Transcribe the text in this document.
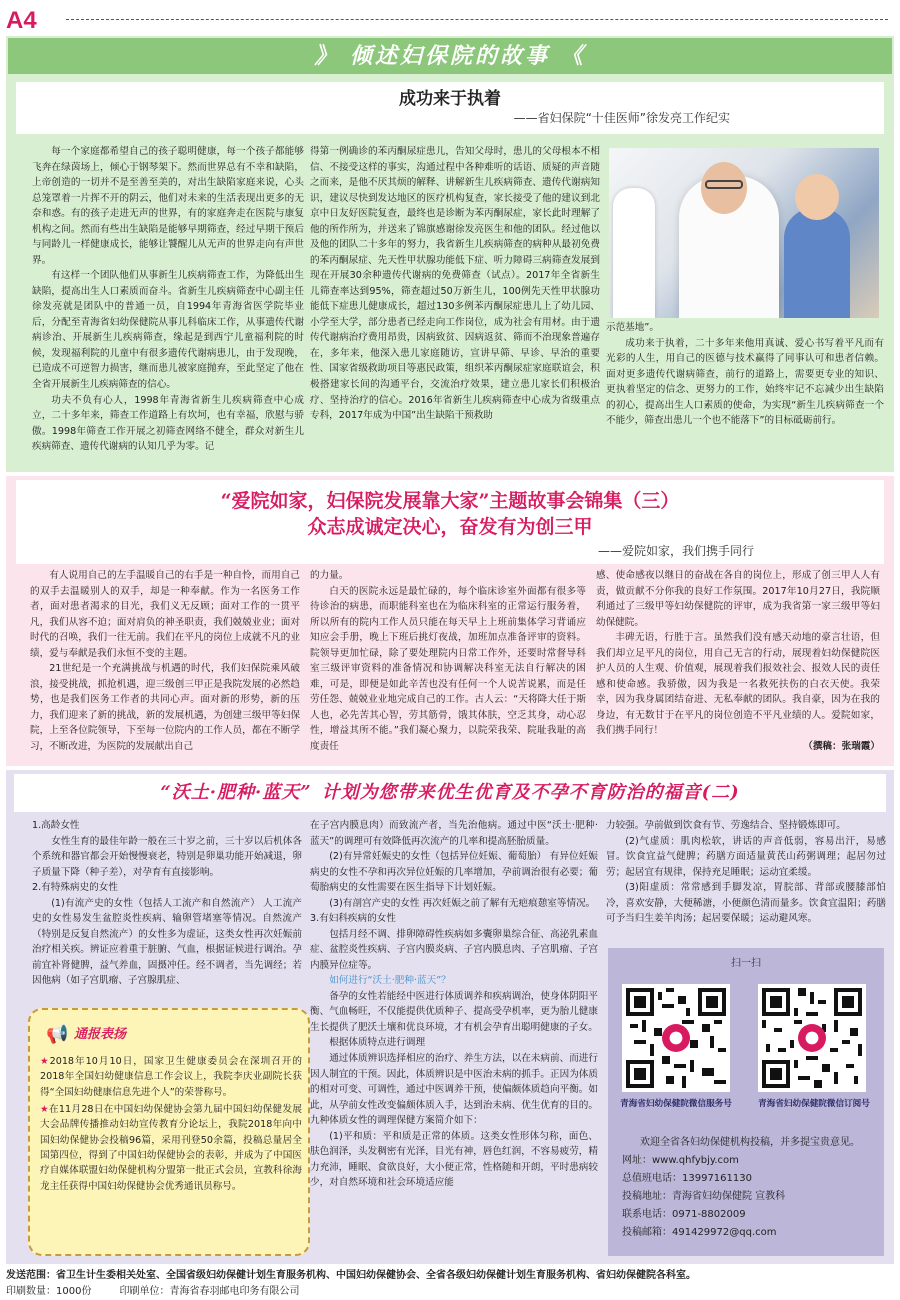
A4
》 倾述妇保院的故事 《
成功来于执着
——省妇保院“十佳医师”徐发亮工作纪实

每一个家庭都希望自己的孩子聪明健康，每一个孩子都能够飞奔在绿茵场上，倾心于钢琴架下。然而世界总有不幸和缺陷，上帝创造的一切并不是至善至美的，对出生缺陷家庭来说，心头总笼罩着一片挥不开的阴云，他们对未来的生活表现出更多的无奈和惑。有的孩子走进无声的世界，有的家庭奔走在医院与康复机构之间。然而有些出生缺陷是能够早期筛查，经过早期干预后与同龄儿一样健康成长，能够让饕醒儿从无声的世界走向有声世界。

有这样一个团队他们从事新生儿疾病筛查工作，为降低出生缺陷，提高出生人口素质而奋斗。省新生儿疾病筛查中心副主任徐发亮就是团队中的普通一员，自1994年青海省医学院毕业后，分配至青海省妇幼保健院从事儿科临床工作，从事遗传代谢病诊治、开展新生儿疾病筛查，缘起是到西宁儿童福利院的时候，发现福利院的儿童中有很多遗传代谢病患儿，由于发现晚，已造成不可逆智力损害，继而患儿被家庭抛弃，至此坚定了他在全省开展新生儿疾病筛查的信心。

功夫不负有心人，1998年青海省新生儿疾病筛查中心成立，二十多年来，筛查工作道路上有坎坷，也有幸福，欣慰与骄傲。1998年筛查工作开展之初筛查网络不健全，群众对新生儿疾病筛查、遗传代谢病的认知几乎为零。记

得第一例确诊的苯丙酮尿症患儿，告知父母时，患儿的父母根本不相信、不接受这样的事实，沟通过程中各种难听的话语、质疑的声音随之而来，是他不厌其烦的解释、讲解新生儿疾病筛查、遗传代谢病知识，建议尽快到发达地区的医疗机构复查，家长接受了他的建议到北京中日友好医院复查，最终也是诊断为苯丙酮尿症，家长此时理解了他的所作所为，并送来了锦旗感谢徐发亮医生和他的团队。经过他以及他的团队二十多年的努力，我省新生儿疾病筛查的病种从最初免费的苯丙酮尿症、先天性甲状腺功能低下症、听力障碍三病筛查发展到现在开展30余种遗传代谢病的免费筛查（试点）。2017年全省新生儿筛查率达到95%，筛查超过50万新生儿，100例先天性甲状腺功能低下症患儿健康成长，超过130多例苯丙酮尿症患儿上了幼儿园、小学至大学，部分患者已经走向工作岗位，成为社会有用材。由于遗传代谢病治疗费用昂贵，因病致贫、因病返贫、筛而不治现象普遍存在，多年来，他深入患儿家庭随访，宣讲早筛、早诊、早治的重要性、国家省级救助项目等惠民政策，组织苯丙酮尿症家庭联谊会，积极搭建家长间的沟通平台，交流治疗效果，建立患儿家长们积极治疗、坚持治疗的信心。2016年省新生儿疾病筛查中心成为省级重点专科，2017年成为中国”出生缺陷干预救助

示范基地”。

成功来于执着，二十多年来他用真诚、爱心书写着平凡而有光彩的人生，用自己的医德与技术赢得了同事认可和患者信赖。面对更多遗传代谢病筛查，前行的道路上，需要更专业的知识、更执着坚定的信念、更努力的工作，始终牢记不忘减少出生缺陷的初心，提高出生人口素质的使命，为实现“新生儿疾病筛查一个不能少，筛查出患儿一个也不能落下”的目标砥砺前行。

“爱院如家，妇保院发展靠大家”主题故事会锦集（三）
众志成诚定决心，奋发有为创三甲
——爱院如家，我们携手同行

有人说用自己的左手温暖自己的右手是一种自怜，而用自己的双手去温暖别人的双手，却是一种奉献。作为一名医务工作者，面对患者渴求的目光，我们义无反顾；面对工作的一贯平凡，我们从容不迫；面对肩负的神圣职责，我们兢兢业业；面对时代的召唤，我们一往无前。我们在平凡的岗位上成就不凡的业绩，爱与奉献是我们永恒不变的主题。

21世纪是一个充满挑战与机遇的时代，我们妇保院乘风破浪，接受挑战，抓抢机遇，迎三级创三甲正是我院发展的必然趋势，也是我们医务工作者的共同心声。面对新的形势，新的压力，我们迎来了新的挑战，新的发展机遇，为创建三级甲等妇保院，上至各位院领导，下至每一位院内的工作人员，都在不断学习，不断改进，为医院的发展献出自己

的力量。

白天的医院永远是最忙碌的，每个临床诊室外面都有很多等待诊治的病患，而职能科室也在为临床科室的正常运行服务着，所以所有的院内工作人员只能在每天早上上班前集体学习背诵应知应会手册，晚上下班后挑灯夜战，加班加点准备评审的资料。院领导更加忙碌，除了要处理院内日常工作外，还要时常督导科室三级评审资料的准备情况和协调解决科室无法自行解决的困难，可是，即便是如此辛苦也没有任何一个人说苦说累，而是任劳任怨、兢兢业业地完成自己的工作。古人云：“天将降大任于斯人也，必先苦其心智，劳其筋骨，饿其体肤，空乏其身，动心忍性，增益其所不能。”我们凝心聚力，以院荣我荣、院耻我耻的高度责任

感、使命感夜以继日的奋战在各自的岗位上，形成了创三甲人人有责，做贡献不分你我的良好工作氛围。2017年10月27日，我院顺利通过了三级甲等妇幼保健院的评审，成为我省第一家三级甲等妇幼保健院。

丰碑无语，行胜于言。虽然我们没有感天动地的豪言壮语，但我们却立足平凡的岗位，用自己无言的行动，展现着妇幼保健院医护人员的人生观、价值观，展现着我们报效社会、报效人民的责任感和使命感。我骄傲，因为我是一名救死扶伤的白衣天使。我荣幸，因为我身属团结奋进、无私奉献的团队。我自豪，因为在我的身边，有无数甘于在平凡的岗位创造不平凡业绩的人。爱院如家，我们携手同行！

（撰稿：张瑞霞）

“沃土·肥种·蓝天” 计划为您带来优生优育及不孕不育防治的福音(二)

1.高龄女性

女性生育的最佳年龄一般在三十岁之前，三十岁以后机体各个系统和器官都会开始慢慢衰老，特别是卵巢功能开始减退，卵子质量下降（种子差），对孕育有直接影响。

2.有特殊病史的女性

(1)有流产史的女性（包括人工流产和自然流产） 人工流产史的女性易发生盆腔炎性疾病、输卵管堵塞等情况。自然流产（特别是反复自然流产）的女性多为虚证，这类女性再次妊娠前治疗相关疾。辨证应着重于脏腑、气血，根据证候进行调治。孕前宜补肾健脾，益气养血，固摄冲任。经不调者，当先调经；若因他病（如子宫肌瘤、子宫腺肌症、

📢 通报表扬

★2018年10月10日，国家卫生健康委员会在深圳召开的2018年全国妇幼健康信息工作会议上，我院李庆业副院长获得“全国妇幼健康信息先进个人”的荣誉称号。

★在11月28日在中国妇幼保健协会第九届中国妇幼保健发展大会品牌传播推动妇幼宣传教育分论坛上，我院2018年向中国妇幼保健协会投稿96篇，采用刊登50余篇，投稿总量居全国第四位，得到了中国妇幼保健协会的表彰，并成为了中国医疗自媒体联盟妇幼保健机构分盟第一批正式会员，宣教科徐海龙主任获得中国妇幼保健协会优秀通讯员称号。

在子宫内膜息肉）而致流产者，当先治他病。通过中医“沃土·肥种·蓝天”的调理可有效降低再次流产的几率和提高胚胎质量。

(2)有异常妊娠史的女性（包括异位妊娠、葡萄胎） 有异位妊娠病史的女性不孕和再次异位妊娠的几率增加，孕前调治很有必要；葡萄胎病史的女性需要在医生指导下计划妊娠。

(3)有剖宫产史的女性 再次妊娠之前了解有无疤痕憩室等情况。

3.有妇科疾病的女性

包括月经不调、排卵障碍性疾病如多囊卵巢综合征、高泌乳素血症、盆腔炎性疾病、子宫内膜炎病、子宫内膜息肉、子宫肌瘤、子宫内膜异位症等。

如何进行“沃土·肥种·蓝天”？

备孕的女性若能经中医进行体质调养和疾病调治，使身体阴阳平衡、气血畅旺，不仅能提供优质种子、提高受孕机率，更为胎儿健康生长提供了肥沃土壤和优良环境，才有机会孕育出聪明健康的子女。

根据体质特点进行调理

通过体质辨识选择相应的治疗、养生方法，以在未病前、而进行因人制宜的干预。因此，体质辨识是中医治未病的抓手。正因为体质的相对可变、可调性，通过中医调养干预，使偏颇体质趋向平衡。如此，从孕前女性改变偏颇体质入手，达到治未病、优生优育的目的。九种体质女性的调理保健方案简介如下：

(1)平和质：平和质是正常的体质。这类女性形体匀称，面色、肤色润泽，头发稠密有光泽，目光有神，唇色红润，不容易疲劳，精力充沛，睡眠、食欲良好，大小便正常，性格随和开朗，平时患病较少，对自然环境和社会环境适应能

力较强。孕前做到饮食有节、劳逸结合、坚持锻炼即可。

(2)气虚质：肌肉松软，讲话的声音低弱，容易出汗，易感冒。饮食宜益气健脾；药膳方面适量黄芪山药粥调理；起居勿过劳；起居宜有规律，保持充足睡眠；运动宜柔缓。

(3)阳虚质：常常感到手脚发凉，胃脘部、背部或腰膝部怕冷，喜欢安静，大便稀溏，小便颜色清而量多。饮食宜温阳；药膳可予当归生姜羊肉汤；起居要保暖；运动避风寒。

扫一扫
青海省妇幼保健院微信服务号	青海省妇幼保健院微信订阅号
欢迎全省各妇幼保健机构投稿，并多提宝贵意见。
网址：www.qhfybjy.com
总值班电话：13997161130
投稿地址：青海省妇幼保健院 宣教科
联系电话：0971-8802009
投稿邮箱：491429972@qq.com
发送范围：省卫生计生委相关处室、全国省级妇幼保健计划生育服务机构、中国妇幼保健协会、全省各级妇幼保健计划生育服务机构、省妇幼保健院各科室。
印刷数量：1000份	印刷单位：青海省春羽邮电印务有限公司
